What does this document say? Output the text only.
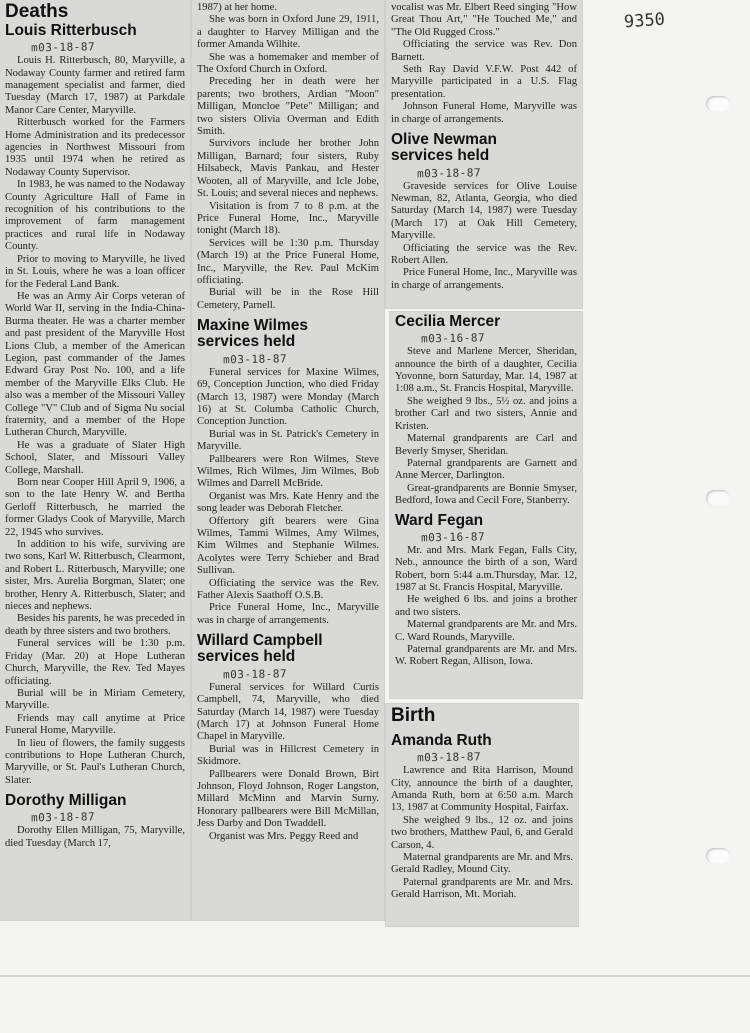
9350
Deaths
Louis Ritterbusch
m03-18-87

Louis H. Ritterbusch, 80, Maryville, a Nodaway County farmer and retired farm management specialist and farmer, died Tuesday (March 17, 1987) at Parkdale Manor Care Center, Maryville.

Ritterbusch worked for the Farmers Home Administration and its predecessor agencies in Northwest Missouri from 1935 until 1974 when he retired as Nodaway County Supervisor.

In 1983, he was named to the Nodaway County Agriculture Hall of Fame in recognition of his contributions to the improvement of farm management practices and rural life in Nodaway County.

Prior to moving to Maryville, he lived in St. Louis, where he was a loan officer for the Federal Land Bank.

He was an Army Air Corps veteran of World War II, serving in the India-China-Burma theater. He was a charter member and past president of the Maryville Host Lions Club, a member of the American Legion, past commander of the James Edward Gray Post No. 100, and a life member of the Maryville Elks Club. He also was a member of the Missouri Valley College "V" Club and of Sigma Nu social fraternity, and a member of the Hope Lutheran Church, Maryville.

He was a graduate of Slater High School, Slater, and Missouri Valley College, Marshall.

Born near Cooper Hill April 9, 1906, a son to the late Henry W. and Bertha Gerloff Ritterbusch, he married the former Gladys Cook of Maryville, March 22, 1945 who survives.

In addition to his wife, surviving are two sons, Karl W. Ritterbusch, Clearmont, and Robert L. Ritterbusch, Maryville; one sister, Mrs. Aurelia Borgman, Slater; one brother, Henry A. Ritterbusch, Slater; and nieces and nephews.

Besides his parents, he was preceded in death by three sisters and two brothers.

Funeral services will be 1:30 p.m. Friday (Mar. 20) at Hope Lutheran Church, Maryville, the Rev. Ted Mayes officiating.

Burial will be in Miriam Cemetery, Maryville.

Friends may call anytime at Price Funeral Home, Maryville.

In lieu of flowers, the family suggests contributions to Hope Lutheran Church, Maryville, or St. Paul's Lutheran Church, Slater.

Dorothy Milligan
m03-18-87

Dorothy Ellen Milligan, 75, Maryville, died Tuesday (March 17,

1987) at her home.

She was born in Oxford June 29, 1911, a daughter to Harvey Milligan and the former Amanda Wilhite.

She was a homemaker and member of The Oxford Church in Oxford.

Preceding her in death were her parents; two brothers, Ardian "Moon" Milligan, Moncloe "Pete" Milligan; and two sisters Olivia Overman and Edith Smith.

Survivors include her brother John Milligan, Barnard; four sisters, Ruby Hilsabeck, Mavis Pankau, and Hester Wooten, all of Maryville, and Icle Jobe, St. Louis; and several nieces and nephews.

Visitation is from 7 to 8 p.m. at the Price Funeral Home, Inc., Maryville tonight (March 18).

Services will be 1:30 p.m. Thursday (March 19) at the Price Funeral Home, Inc., Maryville, the Rev. Paul McKim officiating.

Burial will be in the Rose Hill Cemetery, Parnell.

Maxine Wilmes
services held
m03-18-87

Funeral services for Maxine Wilmes, 69, Conception Junction, who died Friday (March 13, 1987) were Monday (March 16) at St. Columba Catholic Church, Conception Junction.

Burial was in St. Patrick's Cemetery in Maryville.

Pallbearers were Ron Wilmes, Steve Wilmes, Rich Wilmes, Jim Wilmes, Bob Wilmes and Darrell McBride.

Organist was Mrs. Kate Henry and the song leader was Deborah Fletcher.

Offertory gift bearers were Gina Wilmes, Tammi Wilmes, Amy Wilmes, Kim Wilmes and Stephanie Wilmes. Acolytes were Terry Schieber and Brad Sullivan.

Officiating the service was the Rev. Father Alexis Saathoff O.S.B.

Price Funeral Home, Inc., Maryville was in charge of arrangements.

Willard Campbell
services held
m03-18-87

Funeral services for Willard Curtis Campbell, 74, Maryville, who died Saturday (March 14, 1987) were Tuesday (March 17) at Johnson Funeral Home Chapel in Maryville.

Burial was in Hillcrest Cemetery in Skidmore.

Pallbearers were Donald Brown, Birt Johnson, Floyd Johnson, Roger Langston, Millard McMinn and Marvin Surny. Honorary pallbearers were Bill McMillan, Jess Darby and Don Twaddell.

Organist was Mrs. Peggy Reed and

vocalist was Mr. Elbert Reed singing "How Great Thou Art," "He Touched Me," and "The Old Rugged Cross."

Officiating the service was Rev. Don Barnett.

Seth Ray David V.F.W. Post 442 of Maryville participated in a U.S. Flag presentation.

Johnson Funeral Home, Maryville was in charge of arrangements.

Olive Newman
services held
m03-18-87

Graveside services for Olive Louise Newman, 82, Atlanta, Georgia, who died Saturday (March 14, 1987) were Tuesday (March 17) at Oak Hill Cemetery, Maryville.

Officiating the service was the Rev. Robert Allen.

Price Funeral Home, Inc., Maryville was in charge of arrangements.

Cecilia Mercer
m03-16-87

Steve and Marlene Mercer, Sheridan, announce the birth of a daughter, Cecilia Yovonne, born Saturday, Mar. 14, 1987 at 1:08 a.m., St. Francis Hospital, Maryville.

She weighed 9 lbs., 5½ oz. and joins a brother Carl and two sisters, Annie and Kristen.

Maternal grandparents are Carl and Beverly Smyser, Sheridan.

Paternal grandparents are Garnett and Anne Mercer, Darlington.

Great-grandparents are Bonnie Smyser, Bedford, Iowa and Cecil Fore, Stanberry.

Ward Fegan
m03-16-87

Mr. and Mrs. Mark Fegan, Falls City, Neb., announce the birth of a son, Ward Robert, born 5:44 a.m.Thursday, Mar. 12, 1987 at St. Francis Hospital, Maryville.

He weighed 6 lbs. and joins a brother and two sisters.

Maternal grandparents are Mr. and Mrs. C. Ward Rounds, Maryville.

Paternal grandparents are Mr. and Mrs. W. Robert Regan, Allison, Iowa.

Birth
Amanda Ruth
m03-18-87

Lawrence and Rita Harrison, Mound City, announce the birth of a daughter, Amanda Ruth, born at 6:50 a.m. March 13, 1987 at Community Hospital, Fairfax.

She weighed 9 lbs., 12 oz. and joins two brothers, Matthew Paul, 6, and Gerald Carson, 4.

Maternal grandparents are Mr. and Mrs. Gerald Radley, Mound City.

Paternal grandparents are Mr. and Mrs. Gerald Harrison, Mt. Moriah.
